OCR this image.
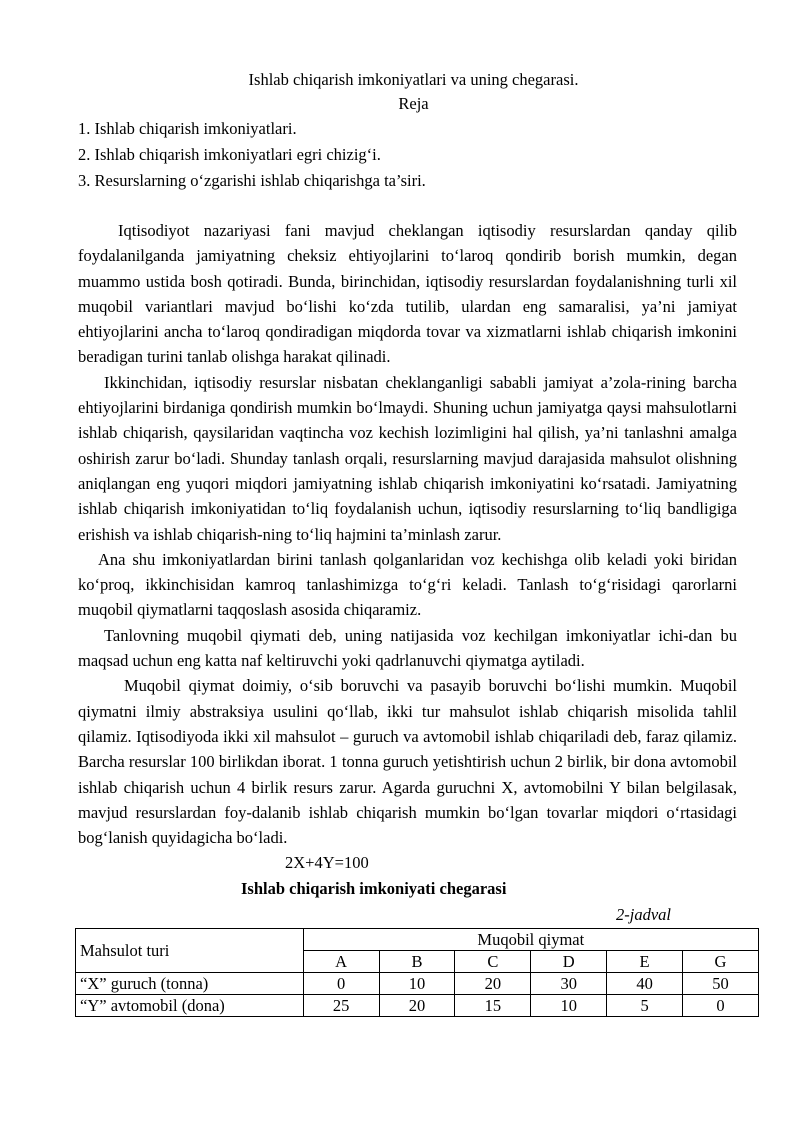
Ishlab chiqarish imkoniyatlari va uning chegarasi.
Reja
1. Ishlab chiqarish imkoniyatlari.
2. Ishlab chiqarish imkoniyatlari egri chizig‘i.
3. Resurslarning o‘zgarishi ishlab chiqarishga ta’siri.

Iqtisodiyot nazariyasi fani mavjud cheklangan iqtisodiy resurslardan qanday qilib foydalanilganda jamiyatning cheksiz ehtiyojlarini to‘laroq qondirib borish mumkin, degan muammo ustida bosh qotiradi. Bunda, birinchidan, iqtisodiy resurslardan foydalanishning turli xil muqobil variantlari mavjud bo‘lishi ko‘zda tutilib, ulardan eng samaralisi, ya’ni jamiyat ehtiyojlarini ancha to‘laroq qondiradigan miqdorda tovar va xizmatlarni ishlab chiqarish imkonini beradigan turini tanlab olishga harakat qilinadi.

Ikkinchidan, iqtisodiy resurslar nisbatan cheklanganligi sababli jamiyat a’zola-rining barcha ehtiyojlarini birdaniga qondirish mumkin bo‘lmaydi. Shuning uchun jamiyatga qaysi mahsulotlarni ishlab chiqarish, qaysilaridan vaqtincha voz kechish lozimligini hal qilish, ya’ni tanlashni amalga oshirish zarur bo‘ladi. Shunday tanlash orqali, resurslarning mavjud darajasida mahsulot olishning aniqlangan eng yuqori miqdori jamiyatning ishlab chiqarish imkoniyatini ko‘rsatadi. Jamiyatning ishlab chiqarish imkoniyatidan to‘liq foydalanish uchun, iqtisodiy resurslarning to‘liq bandligiga erishish va ishlab chiqarish-ning to‘liq hajmini ta’minlash zarur.

Ana shu imkoniyatlardan birini tanlash qolganlaridan voz kechishga olib keladi yoki biridan ko‘proq, ikkinchisidan kamroq tanlashimizga to‘g‘ri keladi. Tanlash to‘g‘risidagi qarorlarni muqobil qiymatlarni taqqoslash asosida chiqaramiz.

Tanlovning muqobil qiymati deb, uning natijasida voz kechilgan imkoniyatlar ichi-dan bu maqsad uchun eng katta naf keltiruvchi yoki qadrlanuvchi qiymatga aytiladi.

Muqobil qiymat doimiy, o‘sib boruvchi va pasayib boruvchi bo‘lishi mumkin. Muqobil qiymatni ilmiy abstraksiya usulini qo‘llab, ikki tur mahsulot ishlab chiqarish misolida tahlil qilamiz. Iqtisodiyoda ikki xil mahsulot – guruch va avtomobil ishlab chiqariladi deb, faraz qilamiz. Barcha resurslar 100 birlikdan iborat. 1 tonna guruch yetishtirish uchun 2 birlik, bir dona avtomobil ishlab chiqarish uchun 4 birlik resurs zarur. Agarda guruchni X, avtomobilni Y bilan belgilasak, mavjud resurslardan foy-dalanib ishlab chiqarish mumkin bo‘lgan tovarlar miqdori o‘rtasidagi bog‘lanish quyidagicha bo‘ladi.

2X+4Y=100
Ishlab chiqarish imkoniyati chegarasi
2-jadval
Mahsulot turi	Muqobil qiymat					
	A	B	C	D	E	G
“X” guruch (tonna)	0	10	20	30	40	50
“Y” avtomobil (dona)	25	20	15	10	5	0
